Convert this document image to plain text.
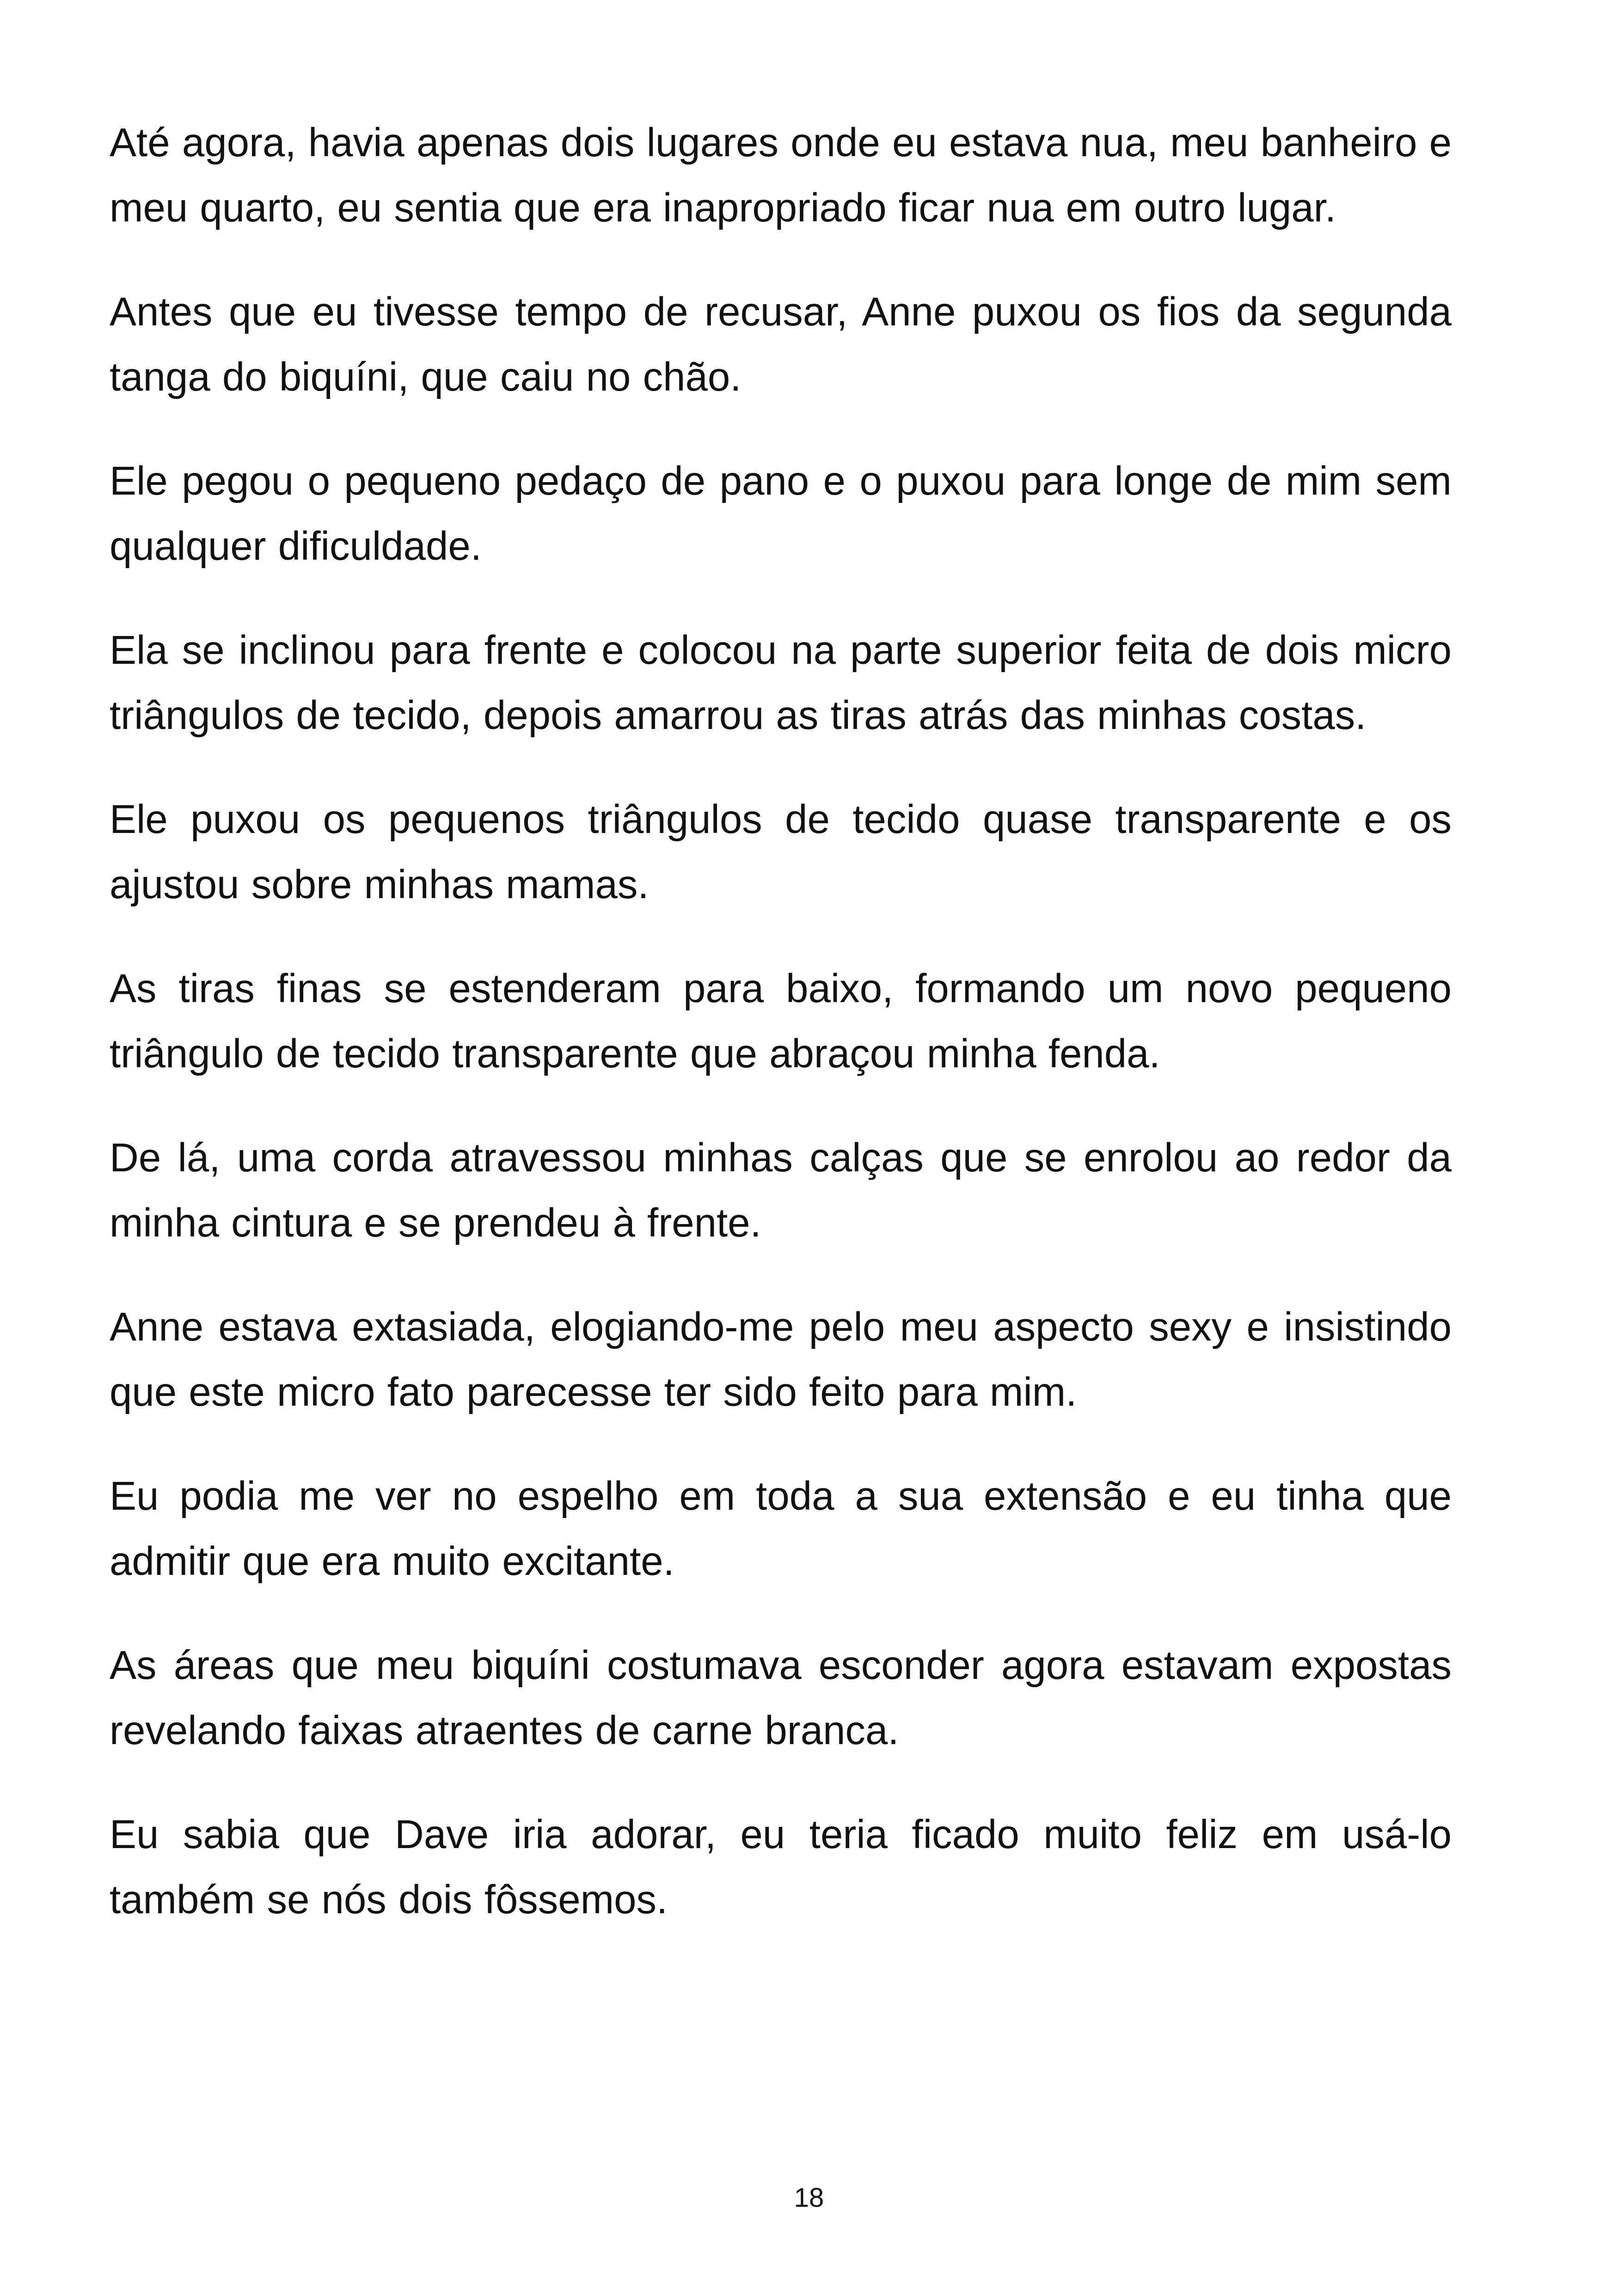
Até agora, havia apenas dois lugares onde eu estava nua, meu banheiro e meu quarto, eu sentia que era inapropriado ficar nua em outro lugar.

Antes que eu tivesse tempo de recusar, Anne puxou os fios da segunda tanga do biquíni, que caiu no chão.

Ele pegou o pequeno pedaço de pano e o puxou para longe de mim sem qualquer dificuldade.

Ela se inclinou para frente e colocou na parte superior feita de dois micro triângulos de tecido, depois amarrou as tiras atrás das minhas costas.

Ele puxou os pequenos triângulos de tecido quase transparente e os ajustou sobre minhas mamas.

As tiras finas se estenderam para baixo, formando um novo pequeno triângulo de tecido transparente que abraçou minha fenda.

De lá, uma corda atravessou minhas calças que se enrolou ao redor da minha cintura e se prendeu à frente.

Anne estava extasiada, elogiando-me pelo meu aspecto sexy e insistindo que este micro fato parecesse ter sido feito para mim.

Eu podia me ver no espelho em toda a sua extensão e eu tinha que admitir que era muito excitante.

As áreas que meu biquíni costumava esconder agora estavam expostas revelando faixas atraentes de carne branca.

Eu sabia que Dave iria adorar, eu teria ficado muito feliz em usá-lo também se nós dois fôssemos.

18
